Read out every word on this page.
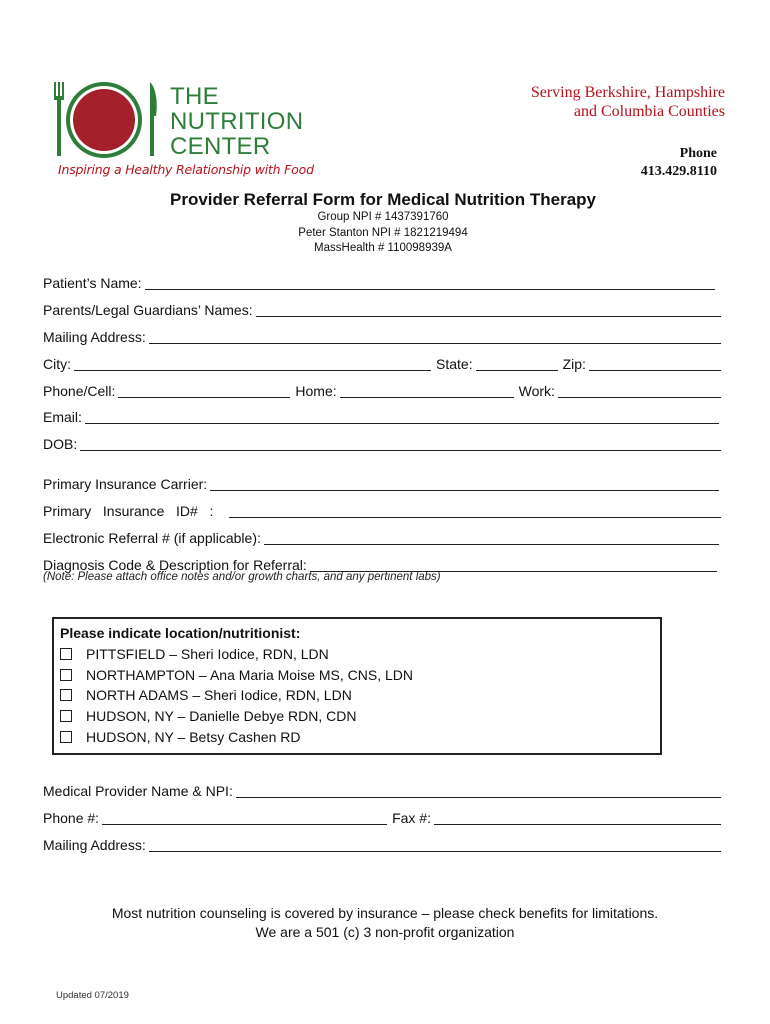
THE
NUTRITION
CENTER
Inspiring a Healthy Relationship with Food
Serving Berkshire, Hampshire
and Columbia Counties
Phone
413.429.8110
Provider Referral Form for Medical Nutrition Therapy
Group NPI # 1437391760
Peter Stanton NPI # 1821219494
MassHealth # 110098939A
Patient’s Name:
Parents/Legal Guardians’ Names:
Mailing Address:
City:	State:	Zip:
Phone/Cell:	Home:	Work:
Email:
DOB:
Primary Insurance Carrier:
Primary   Insurance   ID#   :
Electronic Referral # (if applicable):
Diagnosis Code & Description for Referral:
(Note: Please attach office notes and/or growth charts, and any pertinent labs)
Please indicate location/nutritionist:
PITTSFIELD – Sheri Iodice, RDN, LDN
NORTHAMPTON – Ana Maria Moise MS, CNS, LDN
NORTH ADAMS – Sheri Iodice, RDN, LDN
HUDSON, NY – Danielle Debye RDN, CDN
HUDSON, NY – Betsy Cashen RD
Medical Provider Name & NPI:
Phone #:	Fax #:
Mailing Address:
Most nutrition counseling is covered by insurance – please check benefits for limitations.
We are a 501 (c) 3 non-profit organization
Updated 07/2019
